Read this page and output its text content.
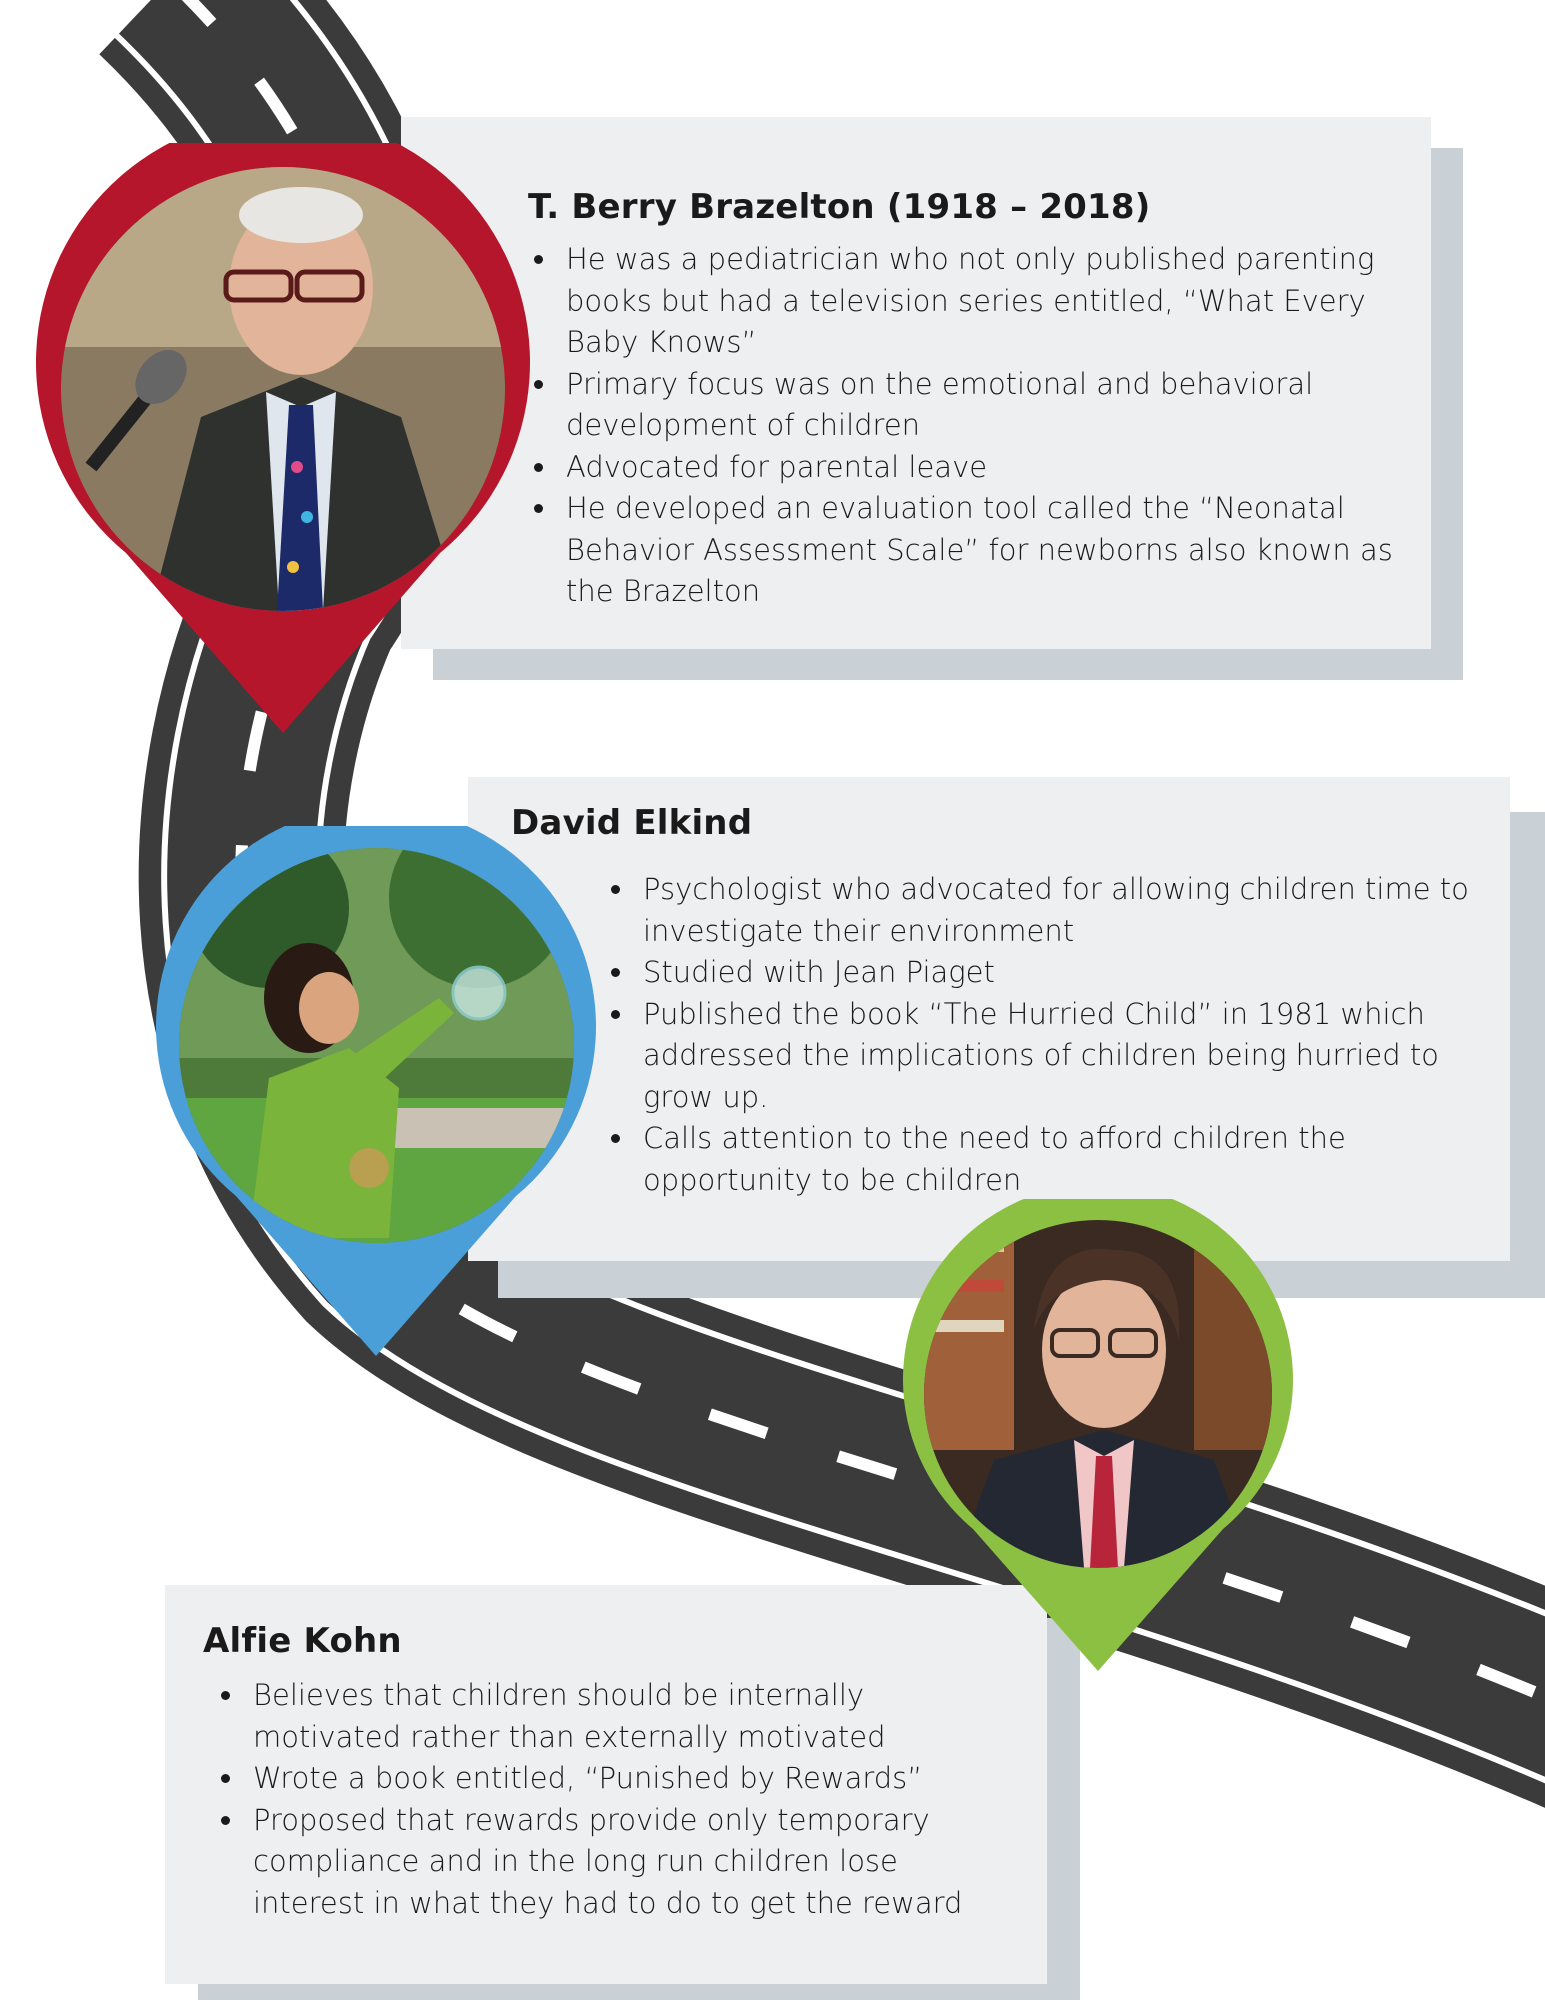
T. Berry Brazelton (1918 – 2018)
He was a pediatrician who not only published parenting books but had a television series entitled, “What Every Baby Knows”
Primary focus was on the emotional and behavioral development of children
Advocated for parental leave
He developed an evaluation tool called the “Neonatal Behavior Assessment Scale” for newborns also known as the Brazelton
David Elkind
Psychologist who advocated for allowing children time to investigate their environment
Studied with Jean Piaget
Published the book “The Hurried Child” in 1981 which addressed the implications of children being hurried to grow up.
Calls attention to the need to afford children the opportunity to be children
Alfie Kohn
Believes that children should be internally motivated rather than externally motivated
Wrote a book entitled, “Punished by Rewards”
Proposed that rewards provide only temporary compliance and in the long run children lose interest in what they had to do to get the reward
